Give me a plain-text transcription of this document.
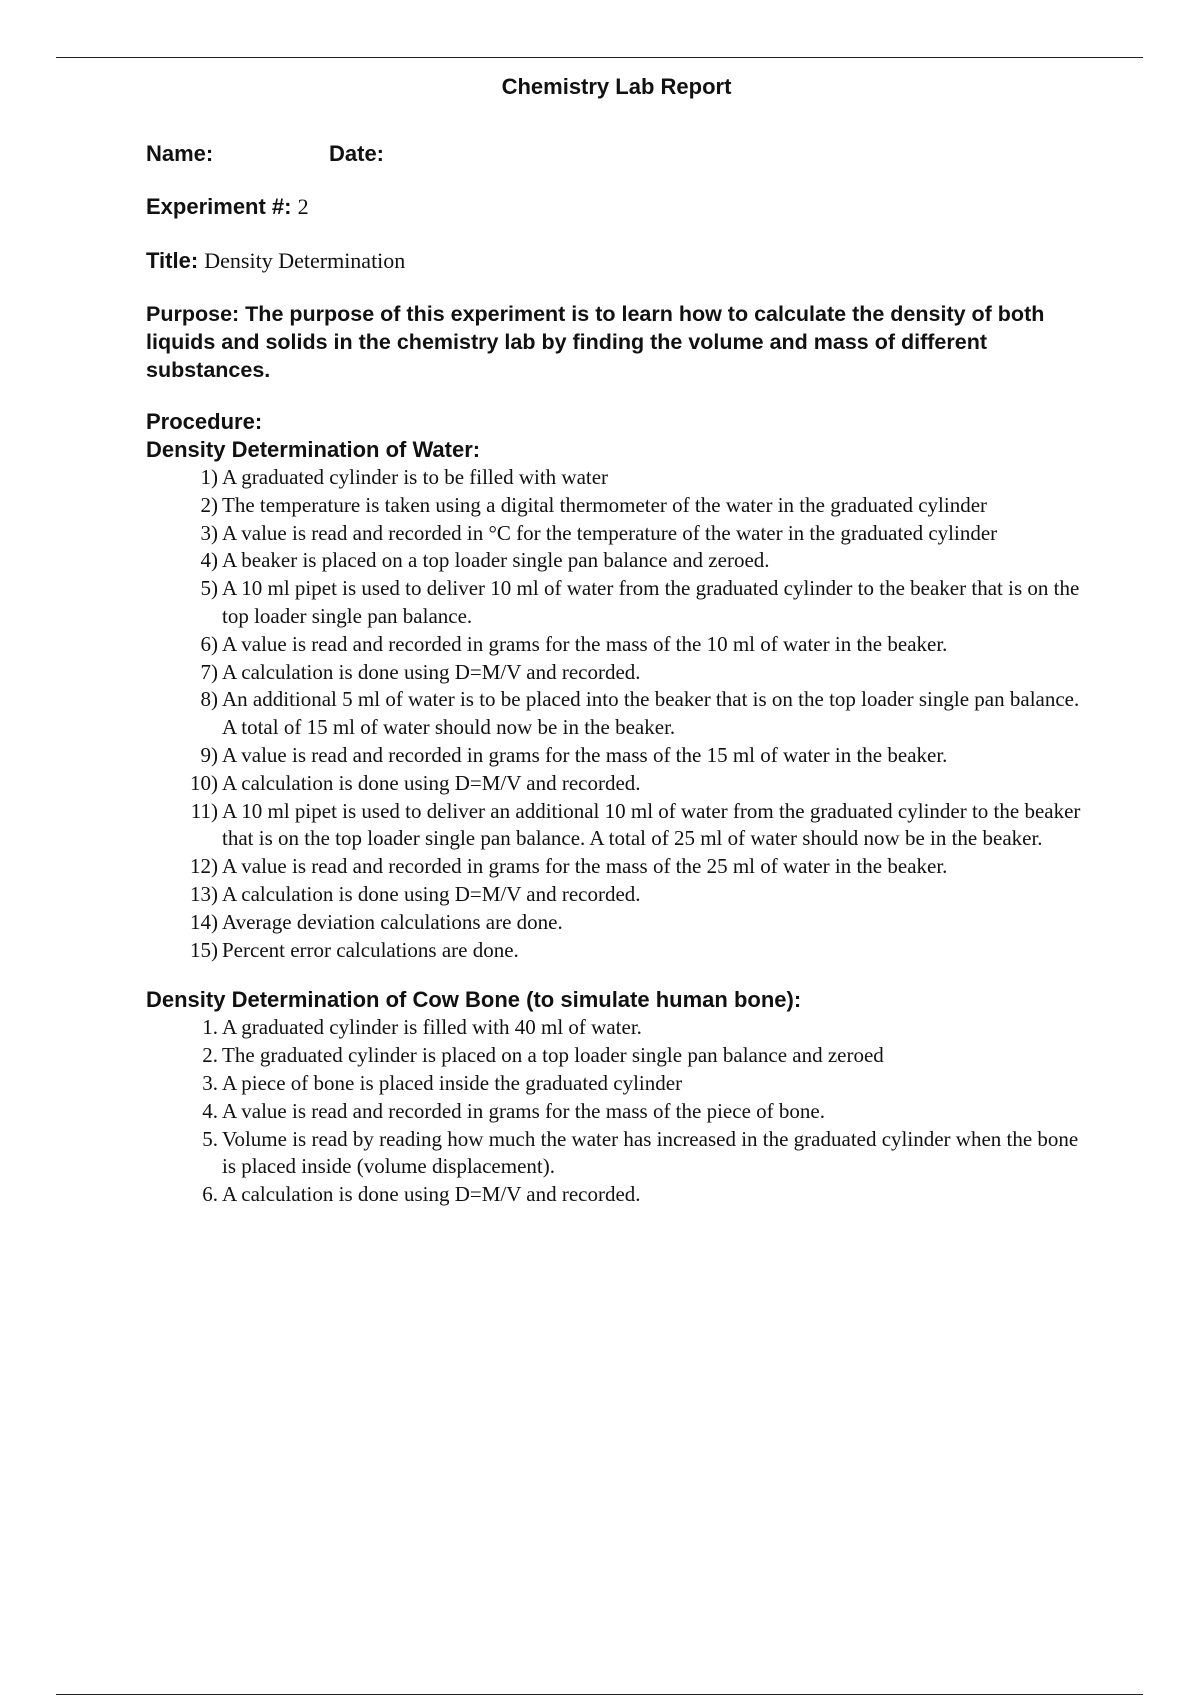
Chemistry Lab Report
Name:	Date:

Experiment #: 2

Title: Density Determination

Purpose: The purpose of this experiment is to learn how to calculate the density of both liquids and solids in the chemistry lab by finding the volume and mass of different substances.

Procedure:
Density Determination of Water:
1) A graduated cylinder is to be filled with water
2) The temperature is taken using a digital thermometer of the water in the graduated cylinder
3) A value is read and recorded in °C for the temperature of the water in the graduated cylinder
4) A beaker is placed on a top loader single pan balance and zeroed.
5) A 10 ml pipet is used to deliver 10 ml of water from the graduated cylinder to the beaker that is on the top loader single pan balance.
6) A value is read and recorded in grams for the mass of the 10 ml of water in the beaker.
7) A calculation is done using D=M/V and recorded.
8) An additional 5 ml of water is to be placed into the beaker that is on the top loader single pan balance. A total of 15 ml of water should now be in the beaker.
9) A value is read and recorded in grams for the mass of the 15 ml of water in the beaker.
10) A calculation is done using D=M/V and recorded.
11) A 10 ml pipet is used to deliver an additional 10 ml of water from the graduated cylinder to the beaker that is on the top loader single pan balance. A total of 25 ml of water should now be in the beaker.
12) A value is read and recorded in grams for the mass of the 25 ml of water in the beaker.
13) A calculation is done using D=M/V and recorded.
14) Average deviation calculations are done.
15) Percent error calculations are done.
Density Determination of Cow Bone (to simulate human bone):
1. A graduated cylinder is filled with 40 ml of water.
2. The graduated cylinder is placed on a top loader single pan balance and zeroed
3. A piece of bone is placed inside the graduated cylinder
4. A value is read and recorded in grams for the mass of the piece of bone.
5. Volume is read by reading how much the water has increased in the graduated cylinder when the bone is placed inside (volume displacement).
6. A calculation is done using D=M/V and recorded.
